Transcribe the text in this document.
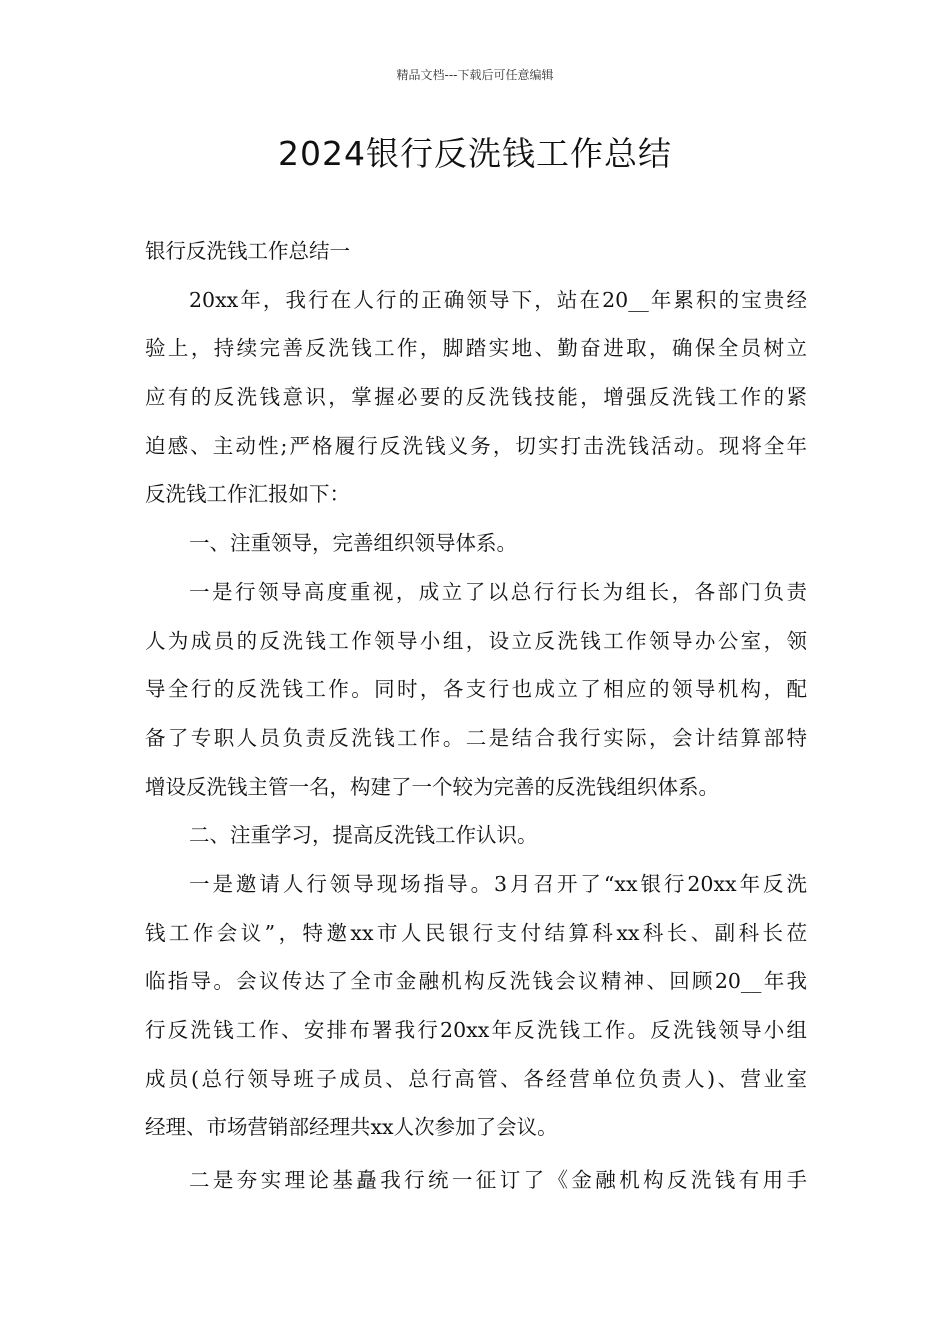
精品文档---下载后可任意编辑
2024银行反洗钱工作总结
银行反洗钱工作总结一
20xx年，我行在人行的正确领导下，站在20__年累积的宝贵经
验上，持续完善反洗钱工作，脚踏实地、勤奋进取，确保全员树立
应有的反洗钱意识，掌握必要的反洗钱技能，增强反洗钱工作的紧
迫感、主动性;严格履行反洗钱义务，切实打击洗钱活动。现将全年
反洗钱工作汇报如下：
一、注重领导，完善组织领导体系。
一是行领导高度重视，成立了以总行行长为组长，各部门负责
人为成员的反洗钱工作领导小组，设立反洗钱工作领导办公室，领
导全行的反洗钱工作。同时，各支行也成立了相应的领导机构，配
备了专职人员负责反洗钱工作。二是结合我行实际，会计结算部特
增设反洗钱主管一名，构建了一个较为完善的反洗钱组织体系。
二、注重学习，提高反洗钱工作认识。
一是邀请人行领导现场指导。3月召开了“xx银行20xx年反洗
钱工作会议”，特邀xx市人民银行支付结算科xx科长、副科长莅
临指导。会议传达了全市金融机构反洗钱会议精神、回顾20__年我
行反洗钱工作、安排布署我行20xx年反洗钱工作。反洗钱领导小组
成员(总行领导班子成员、总行高管、各经营单位负责人)、营业室
经理、市场营销部经理共xx人次参加了会议。
二是夯实理论基矗我行统一征订了《金融机构反洗钱有用手
